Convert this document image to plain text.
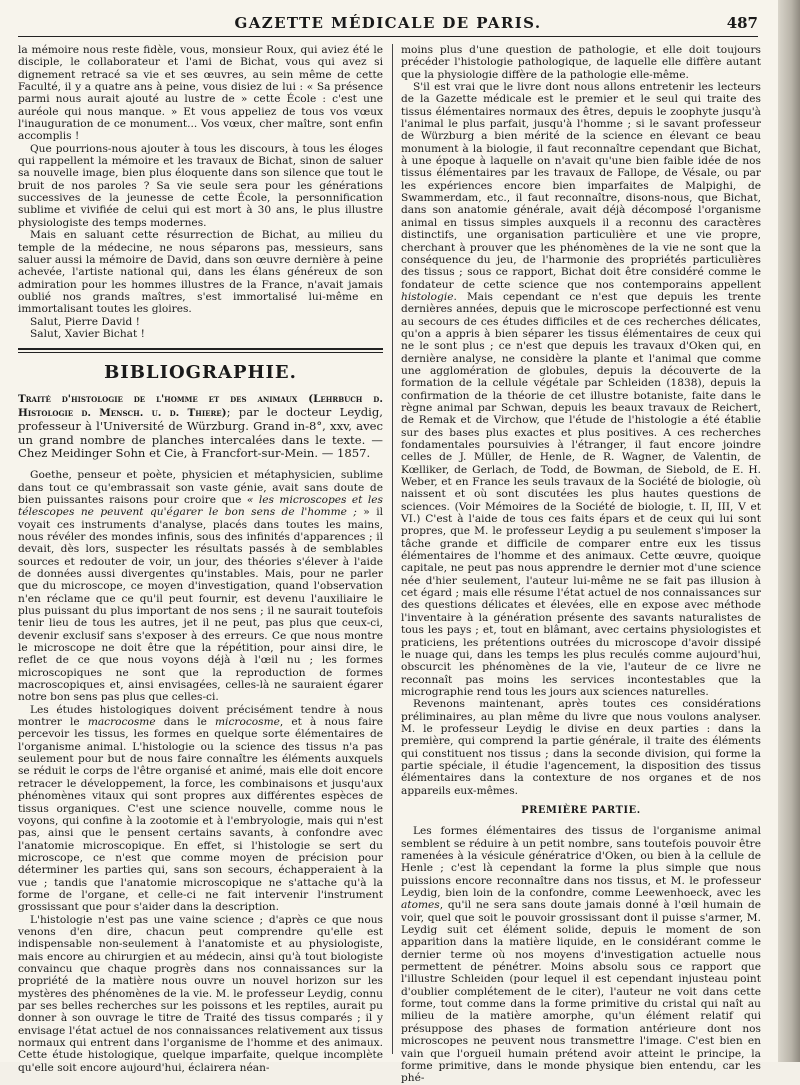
GAZETTE MÉDICALE DE PARIS.	487

la mémoire nous reste fidèle, vous, monsieur Roux, qui aviez été le disciple, le collaborateur et l'ami de Bichat, vous qui avez si dignement retracé sa vie et ses œuvres, au sein même de cette Faculté, il y a quatre ans à peine, vous disiez de lui : « Sa présence parmi nous aurait ajouté au lustre de » cette École : c'est une auréole qui nous manque. » Et vous appeliez de tous vos vœux l'inauguration de ce monument... Vos vœux, cher maître, sont enfin accomplis !

Que pourrions-nous ajouter à tous les discours, à tous les éloges qui rappellent la mémoire et les travaux de Bichat, sinon de saluer sa nouvelle image, bien plus éloquente dans son silence que tout le bruit de nos paroles ? Sa vie seule sera pour les générations successives de la jeunesse de cette École, la personnification sublime et vivifiée de celui qui est mort à 30 ans, le plus illustre physiologiste des temps modernes.

Mais en saluant cette résurrection de Bichat, au milieu du temple de la médecine, ne nous séparons pas, messieurs, sans saluer aussi la mémoire de David, dans son œuvre dernière à peine achevée, l'artiste national qui, dans les élans généreux de son admiration pour les hommes illustres de la France, n'avait jamais oublié nos grands maîtres, s'est immortalisé lui-même en immortalisant toutes les gloires.

Salut, Pierre David !

Salut, Xavier Bichat !

BIBLIOGRAPHIE.

Traité d'histologie de l'homme et des animaux (Lehrbuch d. Histologie d. Mensch. u. d. Thiere); par le docteur Leydig, professeur à l'Université de Würzburg. Grand in-8°, xxv, avec un grand nombre de planches intercalées dans le texte. — Chez Meidinger Sohn et Cie, à Francfort-sur-Mein. — 1857.

Goethe, penseur et poète, physicien et métaphysicien, sublime dans tout ce qu'embrassait son vaste génie, avait sans doute de bien puissantes raisons pour croire que « les microscopes et les télescopes ne peuvent qu'égarer le bon sens de l'homme ; » il voyait ces instruments d'analyse, placés dans toutes les mains, nous révéler des mondes infinis, sous des infinités d'apparences ; il devait, dès lors, suspecter les résultats passés à de semblables sources et redouter de voir, un jour, des théories s'élever à l'aide de données aussi divergentes qu'instables. Mais, pour ne parler que du microscope, ce moyen d'investigation, quand l'observation n'en réclame que ce qu'il peut fournir, est devenu l'auxiliaire le plus puissant du plus important de nos sens ; il ne saurait toutefois tenir lieu de tous les autres, jet il ne peut, pas plus que ceux-ci, devenir exclusif sans s'exposer à des erreurs. Ce que nous montre le microscope ne doit être que la répétition, pour ainsi dire, le reflet de ce que nous voyons déjà à l'œil nu ; les formes microscopiques ne sont que la reproduction de formes macroscopiques et, ainsi envisagées, celles-là ne sauraient égarer notre bon sens pas plus que celles-ci.

Les études histologiques doivent précisément tendre à nous montrer le macrocosme dans le microcosme, et à nous faire percevoir les tissus, les formes en quelque sorte élémentaires de l'organisme animal. L'histologie ou la science des tissus n'a pas seulement pour but de nous faire connaître les éléments auxquels se réduit le corps de l'être organisé et animé, mais elle doit encore retracer le développement, la force, les combinaisons et jusqu'aux phénomènes vitaux qui sont propres aux différentes espèces de tissus organiques. C'est une science nouvelle, comme nous le voyons, qui confine à la zootomie et à l'embryologie, mais qui n'est pas, ainsi que le pensent certains savants, à confondre avec l'anatomie microscopique. En effet, si l'histologie se sert du microscope, ce n'est que comme moyen de précision pour déterminer les parties qui, sans son secours, échapperaient à la vue ; tandis que l'anatomie microscopique ne s'attache qu'à la forme de l'organe, et celle-ci ne fait intervenir l'instrument grossissant que pour s'aider dans la description.

L'histologie n'est pas une vaine science ; d'après ce que nous venons d'en dire, chacun peut comprendre qu'elle est indispensable non-seulement à l'anatomiste et au physiologiste, mais encore au chirurgien et au médecin, ainsi qu'à tout biologiste convaincu que chaque progrès dans nos connaissances sur la propriété de la matière nous ouvre un nouvel horizon sur les mystères des phénomènes de la vie. M. le professeur Leydig, connu par ses belles recherches sur les poissons et les reptiles, aurait pu donner à son ouvrage le titre de Traité des tissus comparés ; il y envisage l'état actuel de nos connaissances relativement aux tissus normaux qui entrent dans l'organisme de l'homme et des animaux. Cette étude histologique, quelque imparfaite, quelque incomplète qu'elle soit encore aujourd'hui, éclairera néan-

moins plus d'une question de pathologie, et elle doit toujours précéder l'histologie pathologique, de laquelle elle diffère autant que la physiologie diffère de la pathologie elle-même.

S'il est vrai que le livre dont nous allons entretenir les lecteurs de la Gazette médicale est le premier et le seul qui traite des tissus élémentaires normaux des êtres, depuis le zoophyte jusqu'à l'animal le plus parfait, jusqu'à l'homme ; si le savant professeur de Würzburg a bien mérité de la science en élevant ce beau monument à la biologie, il faut reconnaître cependant que Bichat, à une époque à laquelle on n'avait qu'une bien faible idée de nos tissus élémentaires par les travaux de Fallope, de Vésale, ou par les expériences encore bien imparfaites de Malpighi, de Swammerdam, etc., il faut reconnaître, disons-nous, que Bichat, dans son anatomie générale, avait déjà décomposé l'organisme animal en tissus simples auxquels il a reconnu des caractères distinctifs, une organisation particulière et une vie propre, cherchant à prouver que les phénomènes de la vie ne sont que la conséquence du jeu, de l'harmonie des propriétés particulières des tissus ; sous ce rapport, Bichat doit être considéré comme le fondateur de cette science que nos contemporains appellent histologie. Mais cependant ce n'est que depuis les trente dernières années, depuis que le microscope perfectionné est venu au secours de ces études difficiles et de ces recherches délicates, qu'on a appris à bien séparer les tissus élémentaires de ceux qui ne le sont plus ; ce n'est que depuis les travaux d'Oken qui, en dernière analyse, ne considère la plante et l'animal que comme une agglomération de globules, depuis la découverte de la formation de la cellule végétale par Schleiden (1838), depuis la confirmation de la théorie de cet illustre botaniste, faite dans le règne animal par Schwan, depuis les beaux travaux de Reichert, de Remak et de Virchow, que l'étude de l'histologie a été établie sur des bases plus exactes et plus positives. A ces recherches fondamentales poursuivies à l'étranger, il faut encore joindre celles de J. Müller, de Henle, de R. Wagner, de Valentin, de Kœlliker, de Gerlach, de Todd, de Bowman, de Siebold, de E. H. Weber, et en France les seuls travaux de la Société de biologie, où naissent et où sont discutées les plus hautes questions de sciences. (Voir Mémoires de la Société de biologie, t. II, III, V et VI.) C'est à l'aide de tous ces faits épars et de ceux qui lui sont propres, que M. le professeur Leydig a pu seulement s'imposer la tâche grande et difficile de comparer entre eux les tissus élémentaires de l'homme et des animaux. Cette œuvre, quoique capitale, ne peut pas nous apprendre le dernier mot d'une science née d'hier seulement, l'auteur lui-même ne se fait pas illusion à cet égard ; mais elle résume l'état actuel de nos connaissances sur des questions délicates et élevées, elle en expose avec méthode l'inventaire à la génération présente des savants naturalistes de tous les pays ; et, tout en blâmant, avec certains physiologistes et praticiens, les prétentions outrées du microscope d'avoir dissipé le nuage qui, dans les temps les plus reculés comme aujourd'hui, obscurcit les phénomènes de la vie, l'auteur de ce livre ne reconnaît pas moins les services incontestables que la micrographie rend tous les jours aux sciences naturelles.

Revenons maintenant, après toutes ces considérations préliminaires, au plan même du livre que nous voulons analyser. M. le professeur Leydig le divise en deux parties : dans la première, qui comprend la partie générale, il traite des éléments qui constituent nos tissus ; dans la seconde division, qui forme la partie spéciale, il étudie l'agencement, la disposition des tissus élémentaires dans la contexture de nos organes et de nos appareils eux-mêmes.

PREMIÈRE PARTIE.

Les formes élémentaires des tissus de l'organisme animal semblent se réduire à un petit nombre, sans toutefois pouvoir être ramenées à la vésicule génératrice d'Oken, ou bien à la cellule de Henle ; c'est là cependant la forme la plus simple que nous puissions encore reconnaître dans nos tissus, et M. le professeur Leydig, bien loin de la confondre, comme Leewenhoeck, avec les atomes, qu'il ne sera sans doute jamais donné à l'œil humain de voir, quel que soit le pouvoir grossissant dont il puisse s'armer, M. Leydig suit cet élément solide, depuis le moment de son apparition dans la matière liquide, en le considérant comme le dernier terme où nos moyens d'investigation actuelle nous permettent de pénétrer. Moins absolu sous ce rapport que l'illustre Schleiden (pour lequel il est cependant injusteau point d'oublier complétement de le citer), l'auteur ne voit dans cette forme, tout comme dans la forme primitive du cristal qui naît au milieu de la matière amorphe, qu'un élément relatif qui présuppose des phases de formation antérieure dont nos microscopes ne peuvent nous transmettre l'image. C'est bien en vain que l'orgueil humain prétend avoir atteint le principe, la forme primitive, dans le monde physique bien entendu, car les phé-
